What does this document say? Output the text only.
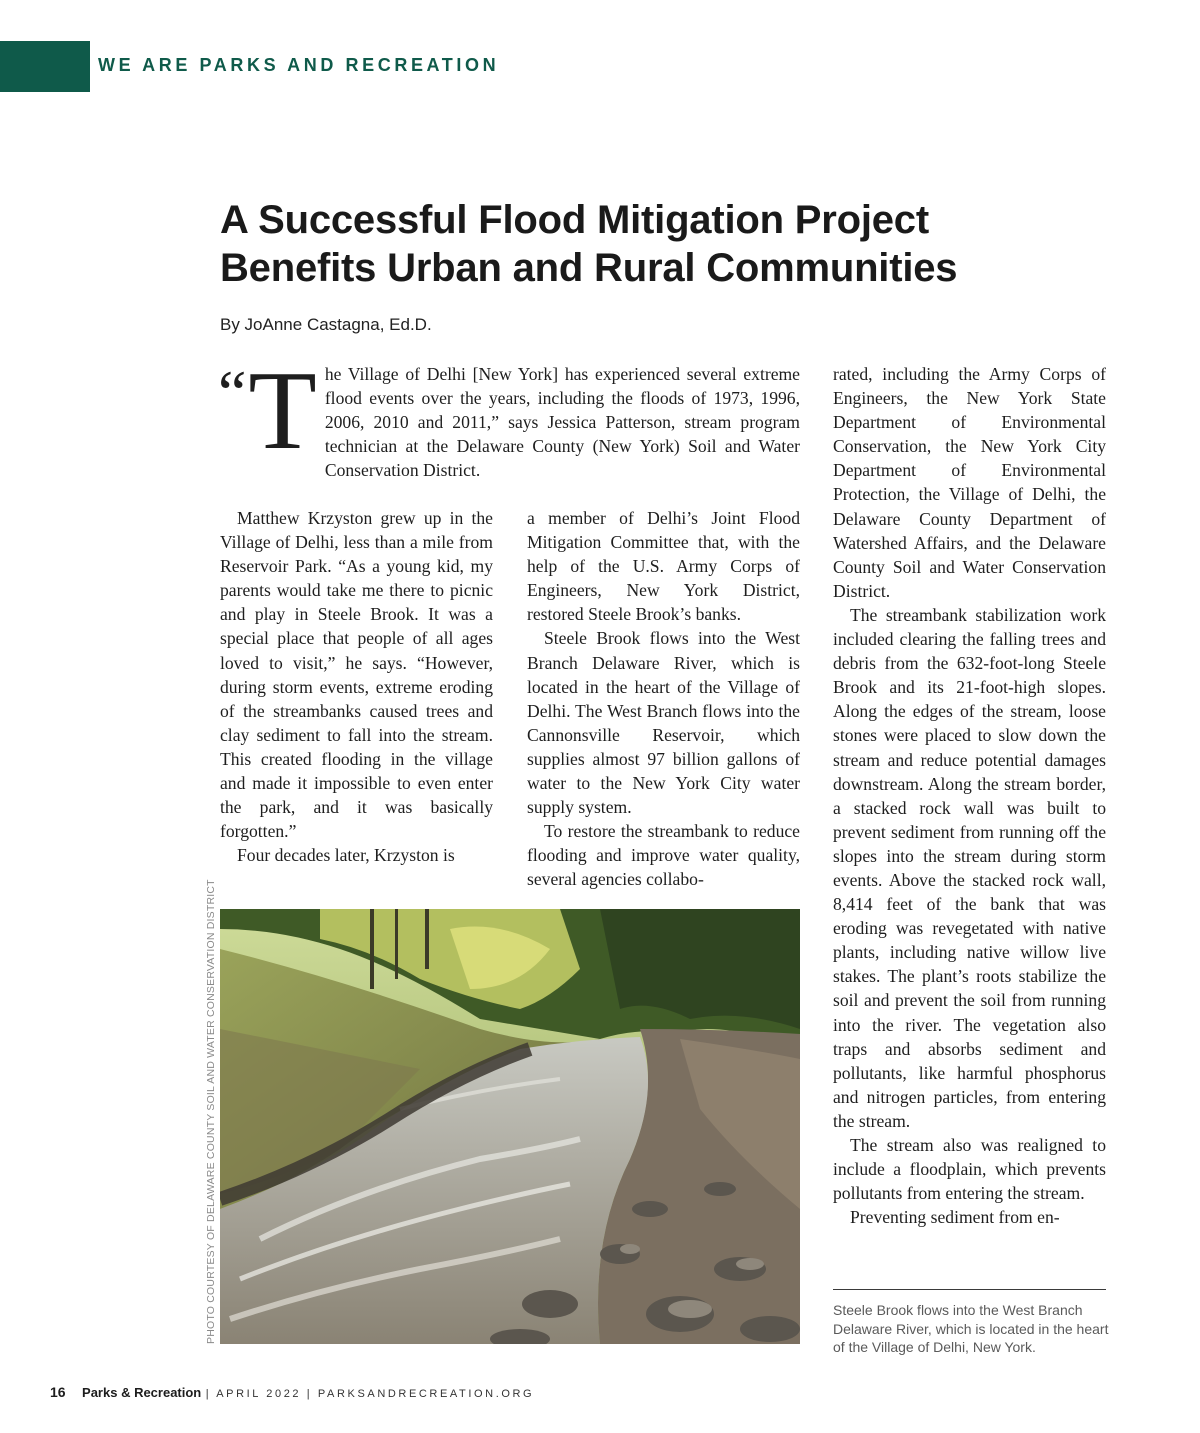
WE ARE PARKS AND RECREATION
A Successful Flood Mitigation Project
Benefits Urban and Rural Communities
By JoAnne Castagna, Ed.D.

“ T he Village of Delhi [New York] has experienced several extreme flood events over the years, including the floods of 1973, 1996, 2006, 2010 and 2011,” says Jessica Patterson, stream program technician at the Delaware County (New York) Soil and Water Conservation District.

Matthew Krzyston grew up in the Village of Delhi, less than a mile from Reservoir Park. “As a young kid, my parents would take me there to picnic and play in Steele Brook. It was a special place that people of all ages loved to visit,” he says. “However, during storm events, extreme eroding of the streambanks caused trees and clay sediment to fall into the stream. This created flooding in the village and made it impossible to even enter the park, and it was basically forgotten.”

Four decades later, Krzyston is

a member of Delhi’s Joint Flood Mitigation Committee that, with the help of the U.S. Army Corps of Engineers, New York District, restored Steele Brook’s banks.

Steele Brook flows into the West Branch Delaware River, which is located in the heart of the Village of Delhi. The West Branch flows into the Cannonsville Reservoir, which supplies almost 97 billion gallons of water to the New York City water supply system.

To restore the streambank to reduce flooding and improve water quality, several agencies collabo-

rated, including the Army Corps of Engineers, the New York State Department of Environmental Conservation, the New York City Department of Environmental Protection, the Village of Delhi, the Delaware County Department of Watershed Affairs, and the Delaware County Soil and Water Conservation District.

The streambank stabilization work included clearing the falling trees and debris from the 632-foot-long Steele Brook and its 21-foot-high slopes. Along the edges of the stream, loose stones were placed to slow down the stream and reduce potential damages downstream. Along the stream border, a stacked rock wall was built to prevent sediment from running off the slopes into the stream during storm events. Above the stacked rock wall, 8,414 feet of the bank that was eroding was revegetated with native plants, including native willow live stakes. The plant’s roots stabilize the soil and prevent the soil from running into the river. The vegetation also traps and absorbs sediment and pollutants, like harmful phosphorus and nitrogen particles, from entering the stream.

The stream also was realigned to include a floodplain, which prevents pollutants from entering the stream.

Preventing sediment from en-

PHOTO COURTESY OF DELAWARE COUNTY SOIL AND WATER CONSERVATION DISTRICT	Steele Brook flows into the West Branch Delaware River, which is located in the heart of the Village of Delhi, New York.

16 Parks & Recreation | APRIL 2022 | PARKSANDRECREATION.ORG
